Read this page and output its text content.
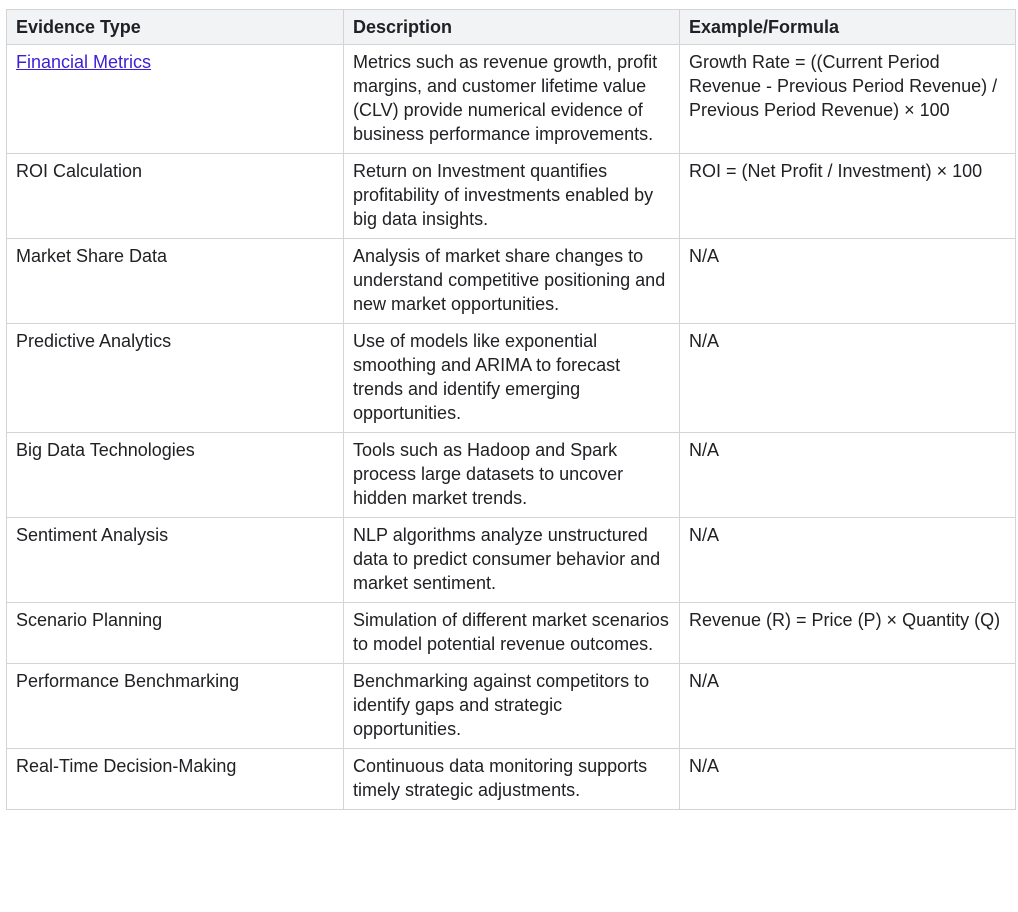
Evidence Type	Description	Example/Formula
Financial Metrics	Metrics such as revenue growth, profit margins, and customer lifetime value (CLV) provide numerical evidence of business performance improvements.	Growth Rate = ((Current Period Revenue - Previous Period Revenue) / Previous Period Revenue) × 100
ROI Calculation	Return on Investment quantifies profitability of investments enabled by big data insights.	ROI = (Net Profit / Investment) × 100
Market Share Data	Analysis of market share changes to understand competitive positioning and new market opportunities.	N/A
Predictive Analytics	Use of models like exponential smoothing and ARIMA to forecast trends and identify emerging opportunities.	N/A
Big Data Technologies	Tools such as Hadoop and Spark process large datasets to uncover hidden market trends.	N/A
Sentiment Analysis	NLP algorithms analyze unstructured data to predict consumer behavior and market sentiment.	N/A
Scenario Planning	Simulation of different market scenarios to model potential revenue outcomes.	Revenue (R) = Price (P) × Quantity (Q)
Performance Benchmarking	Benchmarking against competitors to identify gaps and strategic opportunities.	N/A
Real-Time Decision-Making	Continuous data monitoring supports timely strategic adjustments.	N/A
